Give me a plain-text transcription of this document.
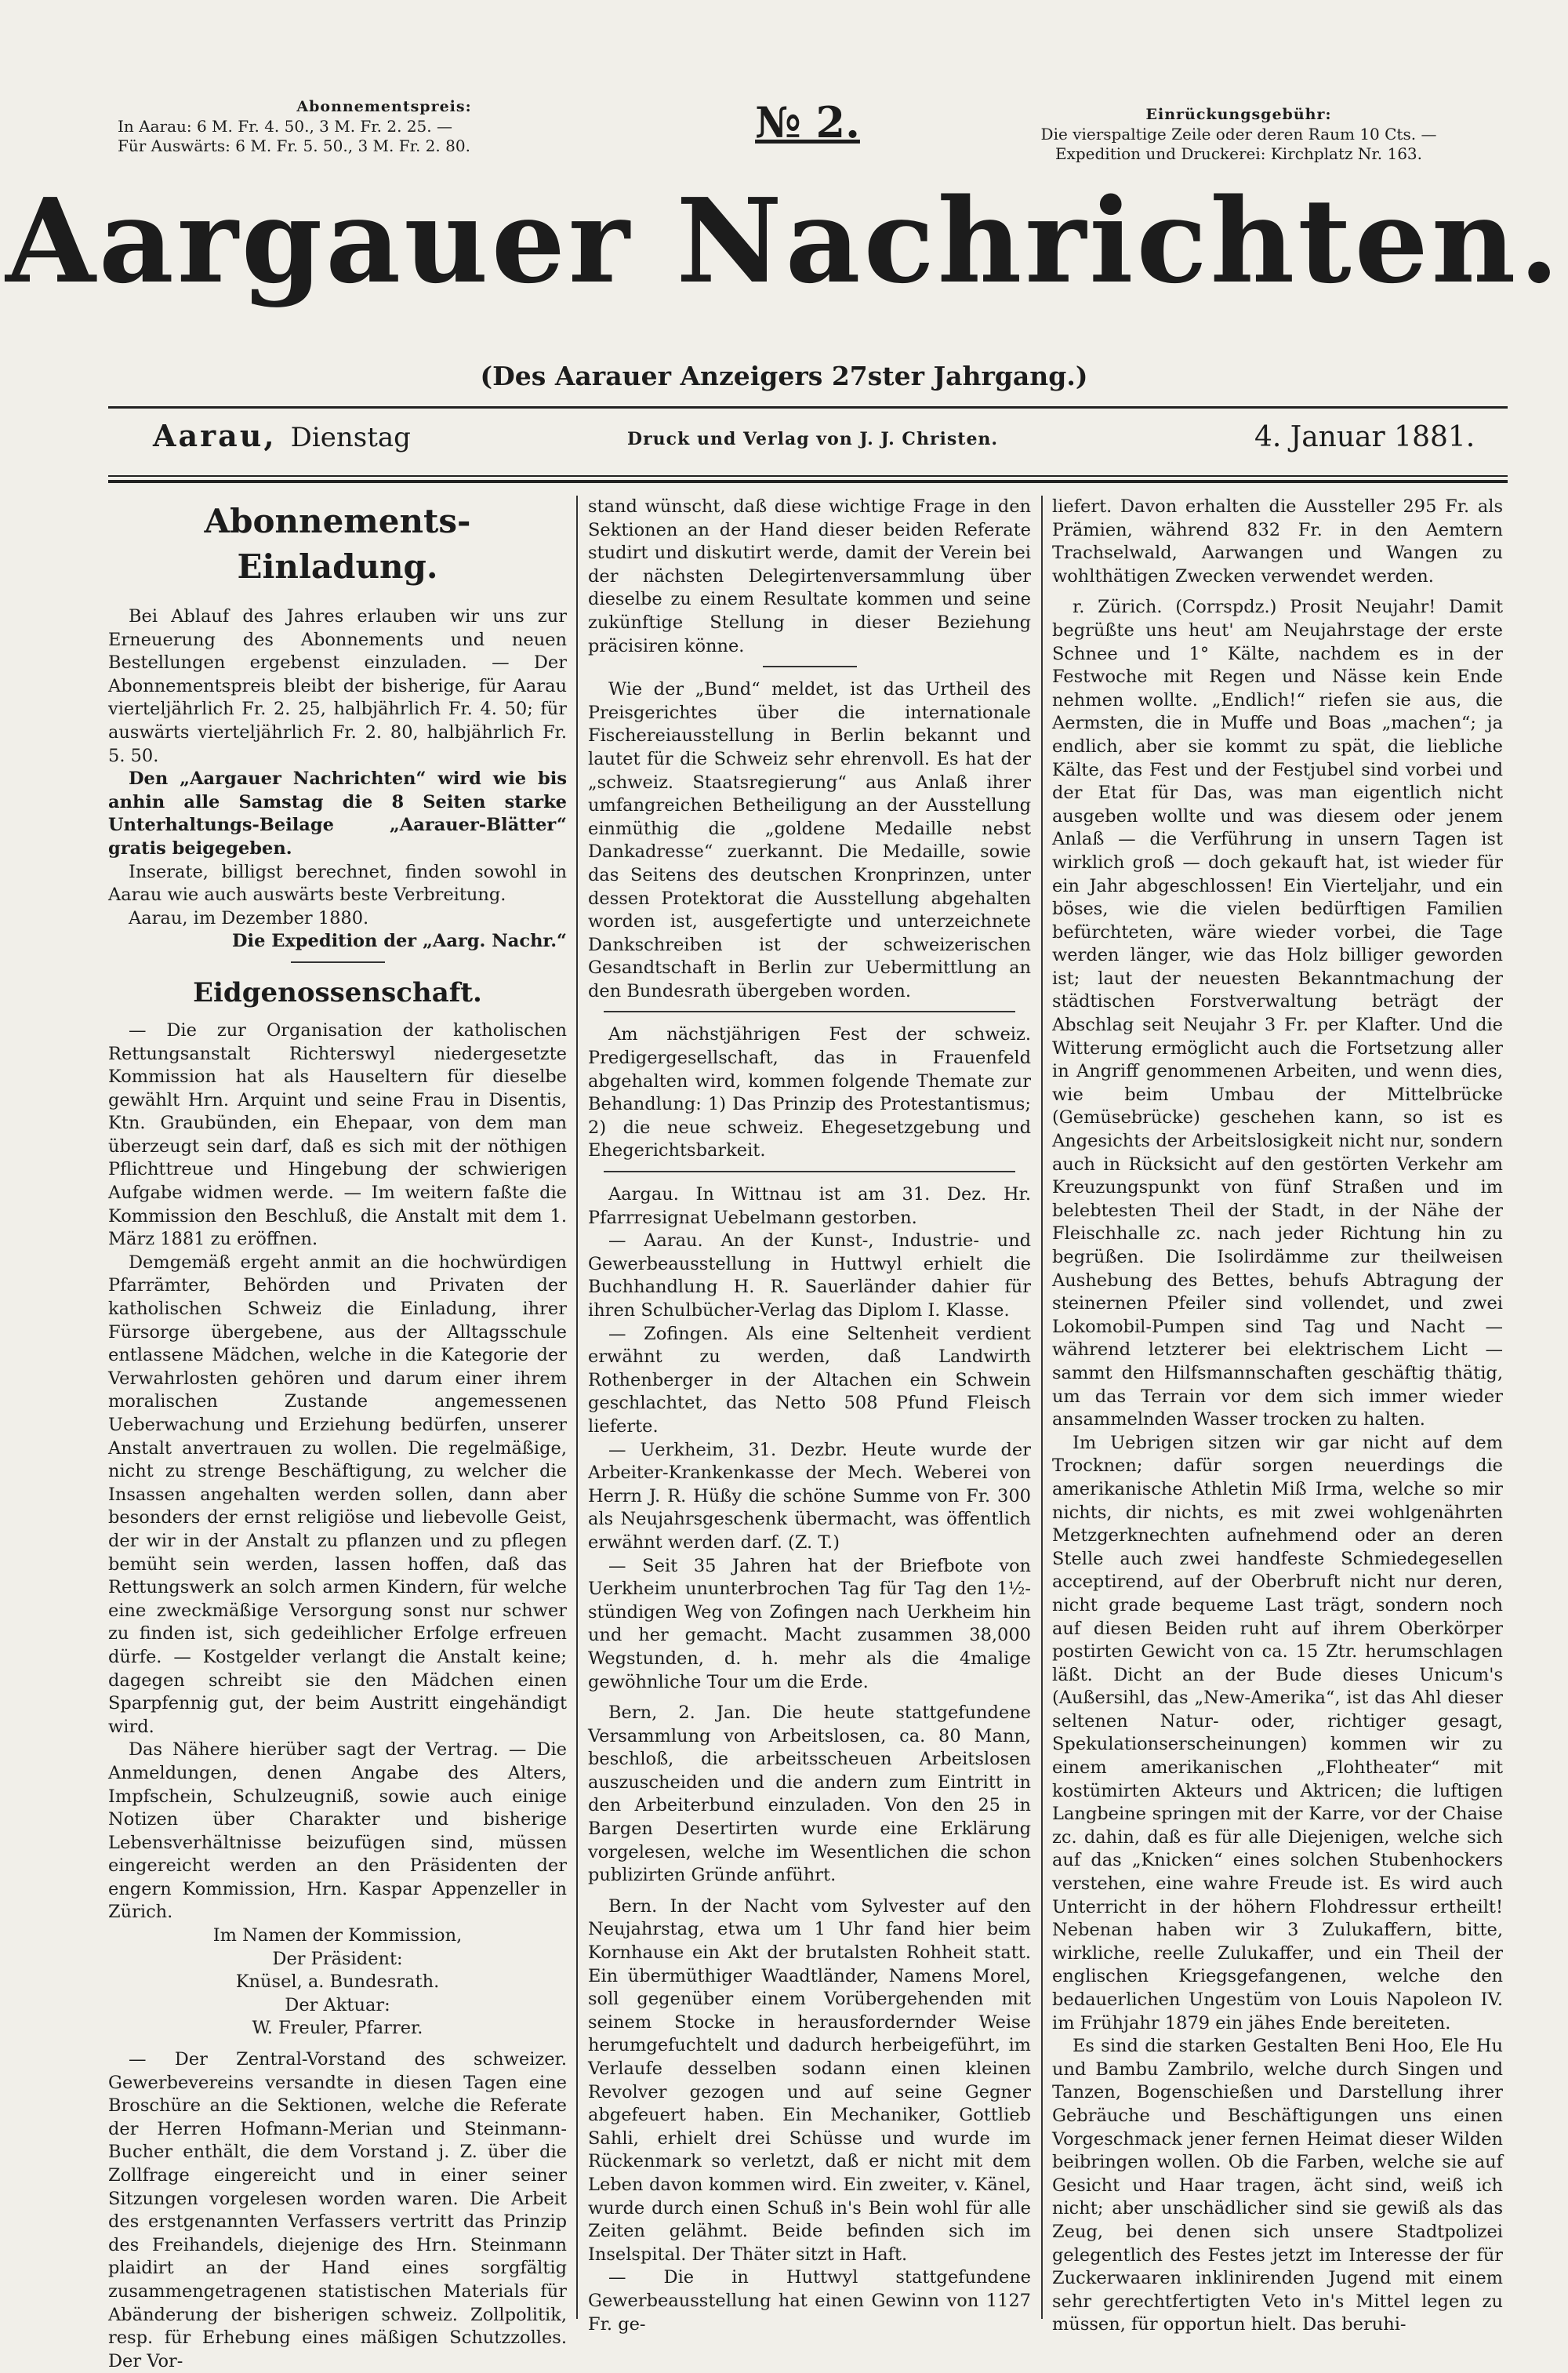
Abonnementspreis:
In Aarau: 6 M. Fr. 4. 50., 3 M. Fr. 2. 25. —
Für Auswärts: 6 M. Fr. 5. 50., 3 M. Fr. 2. 80.	№ 2.	Einrückungsgebühr:
Die vierspaltige Zeile oder deren Raum 10 Cts. —
Expedition und Druckerei: Kirchplatz Nr. 163.
Aargauer Nachrichten.
(Des Aarauer Anzeigers 27ster Jahrgang.)
Aarau, Dienstag	Druck und Verlag von J. J. Christen.	4. Januar 1881.
Abonnements-Einladung.

Bei Ablauf des Jahres erlauben wir uns zur Erneuerung des Abonnements und neuen Bestellungen ergebenst einzuladen. — Der Abonnementspreis bleibt der bisherige, für Aarau vierteljährlich Fr. 2. 25, halbjährlich Fr. 4. 50; für auswärts vierteljährlich Fr. 2. 80, halbjährlich Fr. 5. 50.

Den „Aargauer Nachrichten“ wird wie bis anhin alle Samstag die 8 Seiten starke Unterhaltungs-Beilage „Aarauer-Blätter“ gratis beigegeben.

Inserate, billigst berechnet, finden sowohl in Aarau wie auch auswärts beste Verbreitung.

Aarau, im Dezember 1880.

Die Expedition der „Aarg. Nachr.“

Eidgenossenschaft.

— Die zur Organisation der katholischen Rettungsanstalt Richterswyl niedergesetzte Kommission hat als Hauseltern für dieselbe gewählt Hrn. Arquint und seine Frau in Disentis, Ktn. Graubünden, ein Ehepaar, von dem man überzeugt sein darf, daß es sich mit der nöthigen Pflichttreue und Hingebung der schwierigen Aufgabe widmen werde. — Im weitern faßte die Kommission den Beschluß, die Anstalt mit dem 1. März 1881 zu eröffnen.

Demgemäß ergeht anmit an die hochwürdigen Pfarrämter, Behörden und Privaten der katholischen Schweiz die Einladung, ihrer Fürsorge übergebene, aus der Alltagsschule entlassene Mädchen, welche in die Kategorie der Verwahrlosten gehören und darum einer ihrem moralischen Zustande angemessenen Ueberwachung und Erziehung bedürfen, unserer Anstalt anvertrauen zu wollen. Die regelmäßige, nicht zu strenge Beschäftigung, zu welcher die Insassen angehalten werden sollen, dann aber besonders der ernst religiöse und liebevolle Geist, der wir in der Anstalt zu pflanzen und zu pflegen bemüht sein werden, lassen hoffen, daß das Rettungswerk an solch armen Kindern, für welche eine zweckmäßige Versorgung sonst nur schwer zu finden ist, sich gedeihlicher Erfolge erfreuen dürfe. — Kostgelder verlangt die Anstalt keine; dagegen schreibt sie den Mädchen einen Sparpfennig gut, der beim Austritt eingehändigt wird.

Das Nähere hierüber sagt der Vertrag. — Die Anmeldungen, denen Angabe des Alters, Impfschein, Schulzeugniß, sowie auch einige Notizen über Charakter und bisherige Lebensverhältnisse beizufügen sind, müssen eingereicht werden an den Präsidenten der engern Kommission, Hrn. Kaspar Appenzeller in Zürich.

Im Namen der Kommission,

Der Präsident:

Knüsel, a. Bundesrath.

Der Aktuar:

W. Freuler, Pfarrer.

— Der Zentral-Vorstand des schweizer. Gewerbevereins versandte in diesen Tagen eine Broschüre an die Sektionen, welche die Referate der Herren Hofmann-Merian und Steinmann-Bucher enthält, die dem Vorstand j. Z. über die Zollfrage eingereicht und in einer seiner Sitzungen vorgelesen worden waren. Die Arbeit des erstgenannten Verfassers vertritt das Prinzip des Freihandels, diejenige des Hrn. Steinmann plaidirt an der Hand eines sorgfältig zusammengetragenen statistischen Materials für Abänderung der bisherigen schweiz. Zollpolitik, resp. für Erhebung eines mäßigen Schutzzolles. Der Vor-

stand wünscht, daß diese wichtige Frage in den Sektionen an der Hand dieser beiden Referate studirt und diskutirt werde, damit der Verein bei der nächsten Delegirtenversammlung über dieselbe zu einem Resultate kommen und seine zukünftige Stellung in dieser Beziehung präcisiren könne.

Wie der „Bund“ meldet, ist das Urtheil des Preisgerichtes über die internationale Fischereiausstellung in Berlin bekannt und lautet für die Schweiz sehr ehrenvoll. Es hat der „schweiz. Staatsregierung“ aus Anlaß ihrer umfangreichen Betheiligung an der Ausstellung einmüthig die „goldene Medaille nebst Dankadresse“ zuerkannt. Die Medaille, sowie das Seitens des deutschen Kronprinzen, unter dessen Protektorat die Ausstellung abgehalten worden ist, ausgefertigte und unterzeichnete Dankschreiben ist der schweizerischen Gesandtschaft in Berlin zur Uebermittlung an den Bundesrath übergeben worden.

Am nächstjährigen Fest der schweiz. Predigergesellschaft, das in Frauenfeld abgehalten wird, kommen folgende Themate zur Behandlung: 1) Das Prinzip des Protestantismus; 2) die neue schweiz. Ehegesetzgebung und Ehegerichtsbarkeit.

Aargau. In Wittnau ist am 31. Dez. Hr. Pfarrresignat Uebelmann gestorben.

— Aarau. An der Kunst-, Industrie- und Gewerbeausstellung in Huttwyl erhielt die Buchhandlung H. R. Sauerländer dahier für ihren Schulbücher-Verlag das Diplom I. Klasse.

— Zofingen. Als eine Seltenheit verdient erwähnt zu werden, daß Landwirth Rothenberger in der Altachen ein Schwein geschlachtet, das Netto 508 Pfund Fleisch lieferte.

— Uerkheim, 31. Dezbr. Heute wurde der Arbeiter-Krankenkasse der Mech. Weberei von Herrn J. R. Hüßy die schöne Summe von Fr. 300 als Neujahrsgeschenk übermacht, was öffentlich erwähnt werden darf. (Z. T.)

— Seit 35 Jahren hat der Briefbote von Uerkheim ununterbrochen Tag für Tag den 1½-stündigen Weg von Zofingen nach Uerkheim hin und her gemacht. Macht zusammen 38,000 Wegstunden, d. h. mehr als die 4malige gewöhnliche Tour um die Erde.

Bern, 2. Jan. Die heute stattgefundene Versammlung von Arbeitslosen, ca. 80 Mann, beschloß, die arbeitsscheuen Arbeitslosen auszuscheiden und die andern zum Eintritt in den Arbeiterbund einzuladen. Von den 25 in Bargen Desertirten wurde eine Erklärung vorgelesen, welche im Wesentlichen die schon publizirten Gründe anführt.

Bern. In der Nacht vom Sylvester auf den Neujahrstag, etwa um 1 Uhr fand hier beim Kornhause ein Akt der brutalsten Rohheit statt. Ein übermüthiger Waadtländer, Namens Morel, soll gegenüber einem Vorübergehenden mit seinem Stocke in herausfordernder Weise herumgefuchtelt und dadurch herbeigeführt, im Verlaufe desselben sodann einen kleinen Revolver gezogen und auf seine Gegner abgefeuert haben. Ein Mechaniker, Gottlieb Sahli, erhielt drei Schüsse und wurde im Rückenmark so verletzt, daß er nicht mit dem Leben davon kommen wird. Ein zweiter, v. Känel, wurde durch einen Schuß in's Bein wohl für alle Zeiten gelähmt. Beide befinden sich im Inselspital. Der Thäter sitzt in Haft.

— Die in Huttwyl stattgefundene Gewerbeausstellung hat einen Gewinn von 1127 Fr. ge-

liefert. Davon erhalten die Aussteller 295 Fr. als Prämien, während 832 Fr. in den Aemtern Trachselwald, Aarwangen und Wangen zu wohlthätigen Zwecken verwendet werden.

r. Zürich. (Corrspdz.) Prosit Neujahr! Damit begrüßte uns heut' am Neujahrstage der erste Schnee und 1° Kälte, nachdem es in der Festwoche mit Regen und Nässe kein Ende nehmen wollte. „Endlich!“ riefen sie aus, die Aermsten, die in Muffe und Boas „machen“; ja endlich, aber sie kommt zu spät, die liebliche Kälte, das Fest und der Festjubel sind vorbei und der Etat für Das, was man eigentlich nicht ausgeben wollte und was diesem oder jenem Anlaß — die Verführung in unsern Tagen ist wirklich groß — doch gekauft hat, ist wieder für ein Jahr abgeschlossen! Ein Vierteljahr, und ein böses, wie die vielen bedürftigen Familien befürchteten, wäre wieder vorbei, die Tage werden länger, wie das Holz billiger geworden ist; laut der neuesten Bekanntmachung der städtischen Forstverwaltung beträgt der Abschlag seit Neujahr 3 Fr. per Klafter. Und die Witterung ermöglicht auch die Fortsetzung aller in Angriff genommenen Arbeiten, und wenn dies, wie beim Umbau der Mittelbrücke (Gemüsebrücke) geschehen kann, so ist es Angesichts der Arbeitslosigkeit nicht nur, sondern auch in Rücksicht auf den gestörten Verkehr am Kreuzungspunkt von fünf Straßen und im belebtesten Theil der Stadt, in der Nähe der Fleischhalle zc. nach jeder Richtung hin zu begrüßen. Die Isolirdämme zur theilweisen Aushebung des Bettes, behufs Abtragung der steinernen Pfeiler sind vollendet, und zwei Lokomobil-Pumpen sind Tag und Nacht — während letzterer bei elektrischem Licht — sammt den Hilfsmannschaften geschäftig thätig, um das Terrain vor dem sich immer wieder ansammelnden Wasser trocken zu halten.

Im Uebrigen sitzen wir gar nicht auf dem Trocknen; dafür sorgen neuerdings die amerikanische Athletin Miß Irma, welche so mir nichts, dir nichts, es mit zwei wohlgenährten Metzgerknechten aufnehmend oder an deren Stelle auch zwei handfeste Schmiedegesellen acceptirend, auf der Oberbruft nicht nur deren, nicht grade bequeme Last trägt, sondern noch auf diesen Beiden ruht auf ihrem Oberkörper postirten Gewicht von ca. 15 Ztr. herumschlagen läßt. Dicht an der Bude dieses Unicum's (Außersihl, das „New-Amerika“, ist das Ahl dieser seltenen Natur- oder, richtiger gesagt, Spekulationserscheinungen) kommen wir zu einem amerikanischen „Flohtheater“ mit kostümirten Akteurs und Aktricen; die luftigen Langbeine springen mit der Karre, vor der Chaise zc. dahin, daß es für alle Diejenigen, welche sich auf das „Knicken“ eines solchen Stubenhockers verstehen, eine wahre Freude ist. Es wird auch Unterricht in der höhern Flohdressur ertheilt! Nebenan haben wir 3 Zulukaffern, bitte, wirkliche, reelle Zulukaffer, und ein Theil der englischen Kriegsgefangenen, welche den bedauerlichen Ungestüm von Louis Napoleon IV. im Frühjahr 1879 ein jähes Ende bereiteten.

Es sind die starken Gestalten Beni Hoo, Ele Hu und Bambu Zambrilo, welche durch Singen und Tanzen, Bogenschießen und Darstellung ihrer Gebräuche und Beschäftigungen uns einen Vorgeschmack jener fernen Heimat dieser Wilden beibringen wollen. Ob die Farben, welche sie auf Gesicht und Haar tragen, ächt sind, weiß ich nicht; aber unschädlicher sind sie gewiß als das Zeug, bei denen sich unsere Stadtpolizei gelegentlich des Festes jetzt im Interesse der für Zuckerwaaren inklinirenden Jugend mit einem sehr gerechtfertigten Veto in's Mittel legen zu müssen, für opportun hielt. Das beruhi-
